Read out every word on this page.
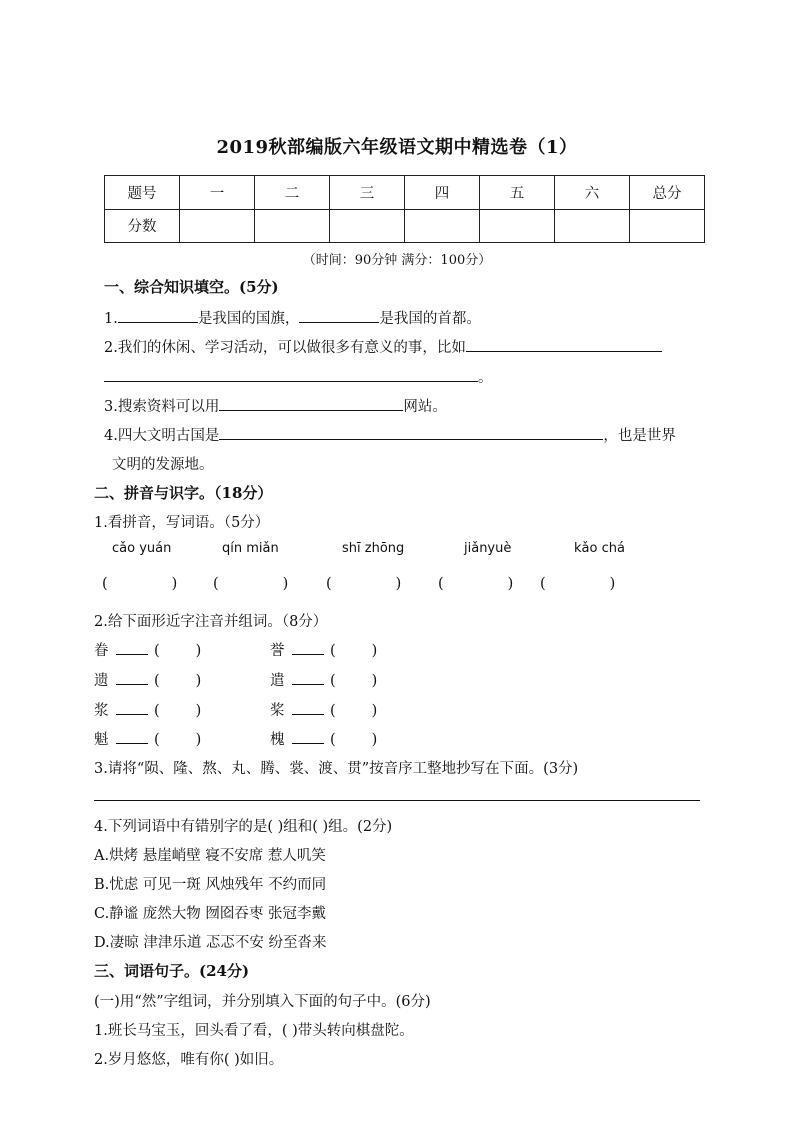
2019秋部编版六年级语文期中精选卷（1）
题号	一	二	三	四	五	六	总分
分数							
（时间：90分钟 满分：100分）
一、综合知识填空。(5分)
1.	是我国的国旗，	是我国的首都。
2.我们的休闲、学习活动，可以做很多有意义的事，比如
。
3.搜索资料可以用	网站。
4.四大文明古国是	，也是世界
文明的发源地。
二、拼音与识字。（18分）
1.看拼音，写词语。（5分）
cǎo yuán	qín miǎn	shī zhōng	jiǎnyuè	kǎo chá
(	) (	)	(	)	(	) (	)
2.给下面形近字注音并组词。（8分）
眷	( )	誉	( )
遗	( )	遣	( )
浆	( )	桨	( )
魁	( )	槐	( )
3.请将“陨、隆、熬、丸、腾、裳、渡、贯”按音序工整地抄写在下面。(3分)
4.下列词语中有错别字的是( )组和( )组。(2分)
A.烘烤 悬崖峭壁 寝不安席 惹人叽笑
B.忧虑 可见一斑 风烛残年 不约而同
C.静谧 庞然大物 囫囵吞枣 张冠李戴
D.凄晾 津津乐道 忑忑不安 纷至沓来
三、词语句子。(24分)
(一)用“然”字组词，并分别填入下面的句子中。(6分)
1.班长马宝玉，回头看了看，( )带头转向棋盘陀。
2.岁月悠悠，唯有你( )如旧。
